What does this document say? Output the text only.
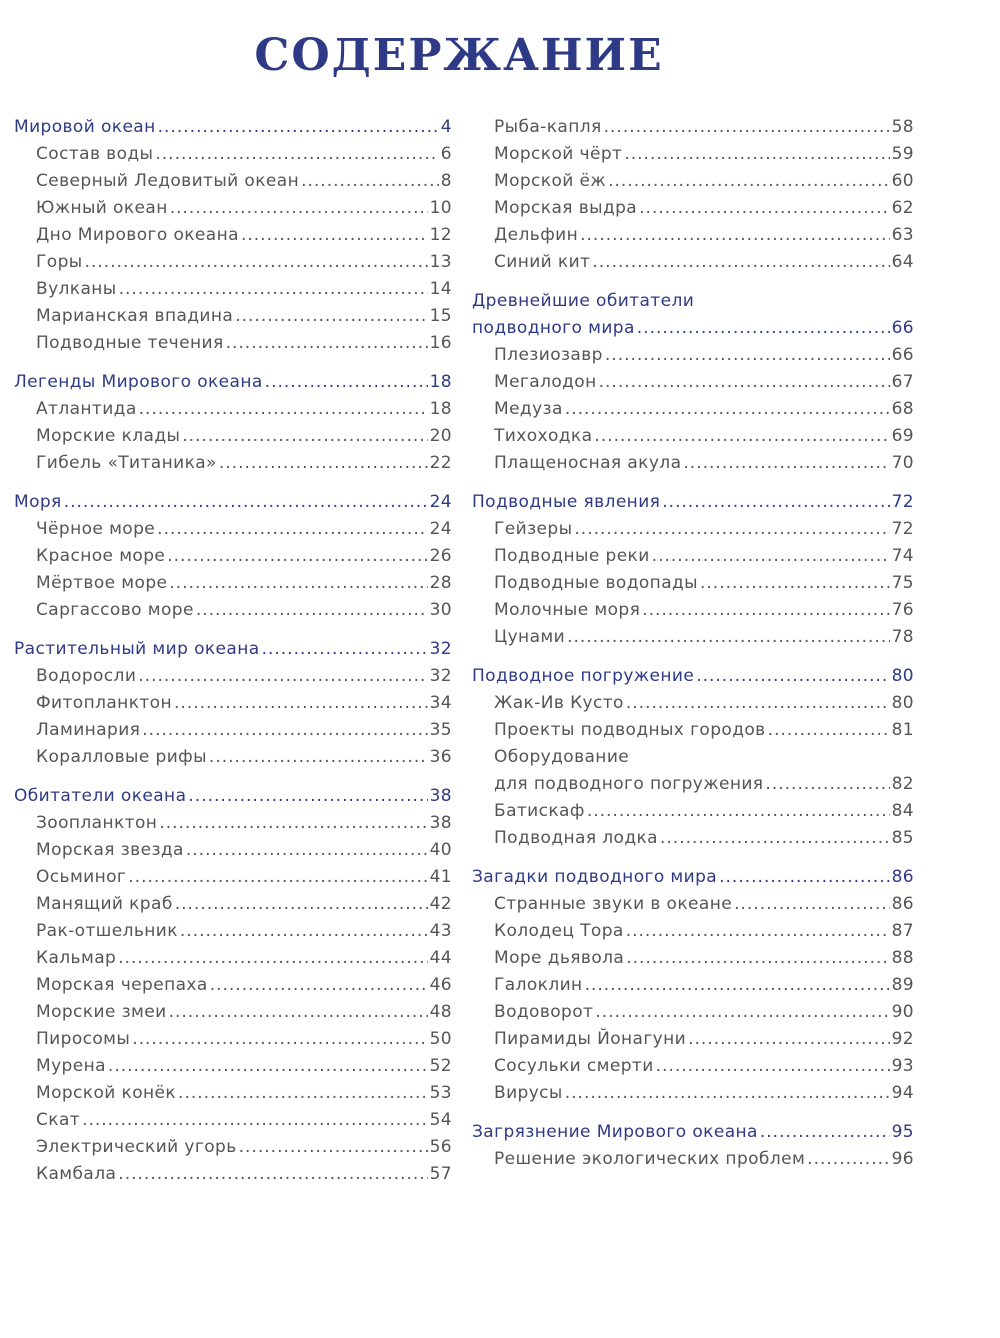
СОДЕРЖАНИЕ
Мировой океан .....	4
Состав воды .....	6
Северный Ледовитый океан .....	8
Южный океан .....	10
Дно Мирового океана .....	12
Горы .....	13
Вулканы .....	14
Марианская впадина .....	15
Подводные течения .....	16
Легенды Мирового океана .....	18
Атлантида .....	18
Морские клады .....	20
Гибель «Титаника» .....	22
Моря .....	24
Чёрное море .....	24
Красное море .....	26
Мёртвое море .....	28
Саргассово море .....	30
Растительный мир океана .....	32
Водоросли .....	32
Фитопланктон .....	34
Ламинария .....	35
Коралловые рифы .....	36
Обитатели океана .....	38
Зоопланктон .....	38
Морская звезда .....	40
Осьминог .....	41
Манящий краб .....	42
Рак-отшельник .....	43
Кальмар .....	44
Морская черепаха .....	46
Морские змеи .....	48
Пиросомы .....	50
Мурена .....	52
Морской конёк .....	53
Скат .....	54
Электрический угорь .....	56
Камбала .....	57
Рыба-капля .....	58
Морской чёрт .....	59
Морской ёж .....	60
Морская выдра .....	62
Дельфин .....	63
Синий кит .....	64
Древнейшие обитатели
подводного мира .....	66
Плезиозавр .....	66
Мегалодон .....	67
Медуза .....	68
Тихоходка .....	69
Плащеносная акула .....	70
Подводные явления .....	72
Гейзеры .....	72
Подводные реки .....	74
Подводные водопады .....	75
Молочные моря .....	76
Цунами .....	78
Подводное погружение .....	80
Жак-Ив Кусто .....	80
Проекты подводных городов .....	81
Оборудование
для подводного погружения .....	82
Батискаф .....	84
Подводная лодка .....	85
Загадки подводного мира .....	86
Странные звуки в океане .....	86
Колодец Тора .....	87
Море дьявола .....	88
Галоклин .....	89
Водоворот .....	90
Пирамиды Йонагуни .....	92
Сосульки смерти .....	93
Вирусы .....	94
Загрязнение Мирового океана .....	95
Решение экологических проблем .....	96
